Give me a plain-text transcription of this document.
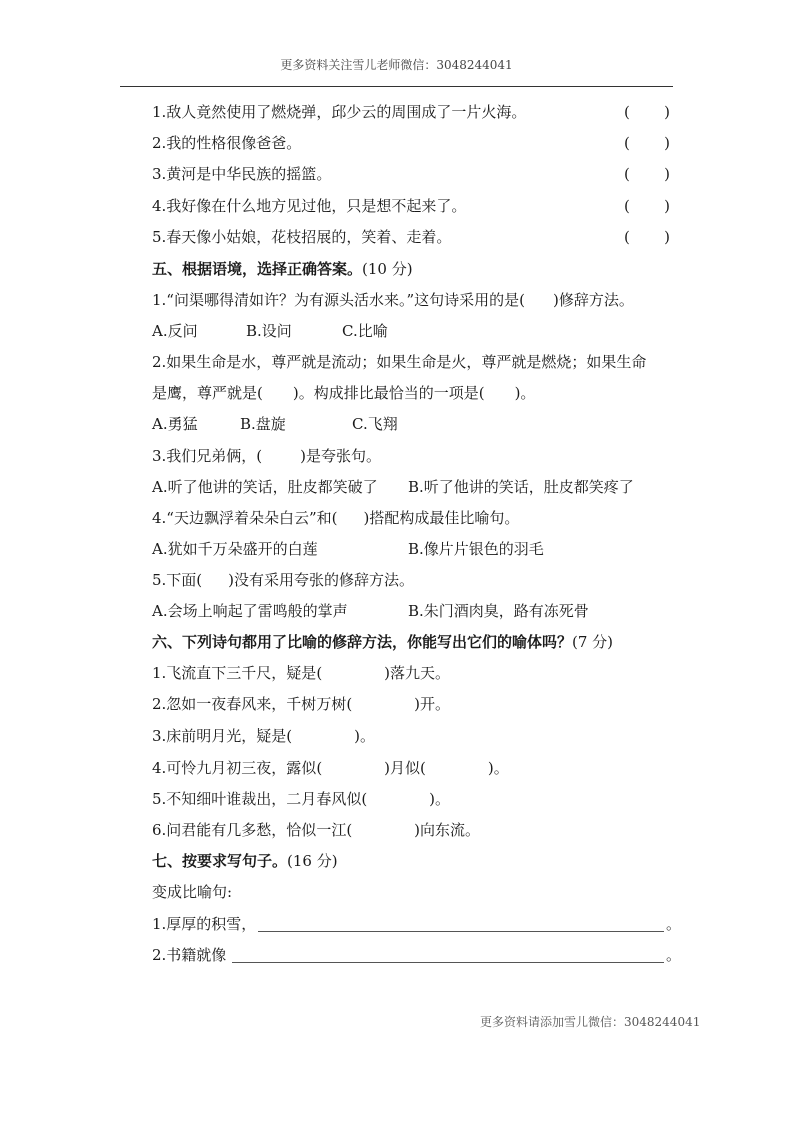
更多资料关注雪儿老师微信：3048244041
1.敌人竟然使用了燃烧弹，邱少云的周围成了一片火海。	( )
2.我的性格很像爸爸。	( )
3.黄河是中华民族的摇篮。	( )
4.我好像在什么地方见过他，只是想不起来了。	( )
5.春天像小姑娘，花枝招展的，笑着、走着。	( )
五、根据语境，选择正确答案。(10 分)
1.“问渠哪得清如许？为有源头活水来。”这句诗采用的是( )修辞方法。
A.反问	B.设问	C.比喻
2.如果生命是水，尊严就是流动；如果生命是火，尊严就是燃烧；如果生命
是鹰，尊严就是( )。构成排比最恰当的一项是( )。
A.勇猛	B.盘旋	C.飞翔
3.我们兄弟俩，(	)是夸张句。
A.听了他讲的笑话，肚皮都笑破了 B.听了他讲的笑话，肚皮都笑疼了
4.“天边飘浮着朵朵白云”和( )搭配构成最佳比喻句。
A.犹如千万朵盛开的白莲	B.像片片银色的羽毛
5.下面( )没有采用夸张的修辞方法。
A.会场上响起了雷鸣般的掌声	B.朱门酒肉臭，路有冻死骨
六、下列诗句都用了比喻的修辞方法，你能写出它们的喻体吗？(7 分)
1.飞流直下三千尺，疑是(	)落九天。
2.忽如一夜春风来，千树万树(	)开。
3.床前明月光，疑是(	)。
4.可怜九月初三夜，露似(	)月似(	)。
5.不知细叶谁裁出，二月春风似(	)。
6.问君能有几多愁，恰似一江(	)向东流。
七、按要求写句子。(16 分)
变成比喻句:
1.厚厚的积雪，	。
2.书籍就像	。
更多资料请添加雪儿微信：3048244041
